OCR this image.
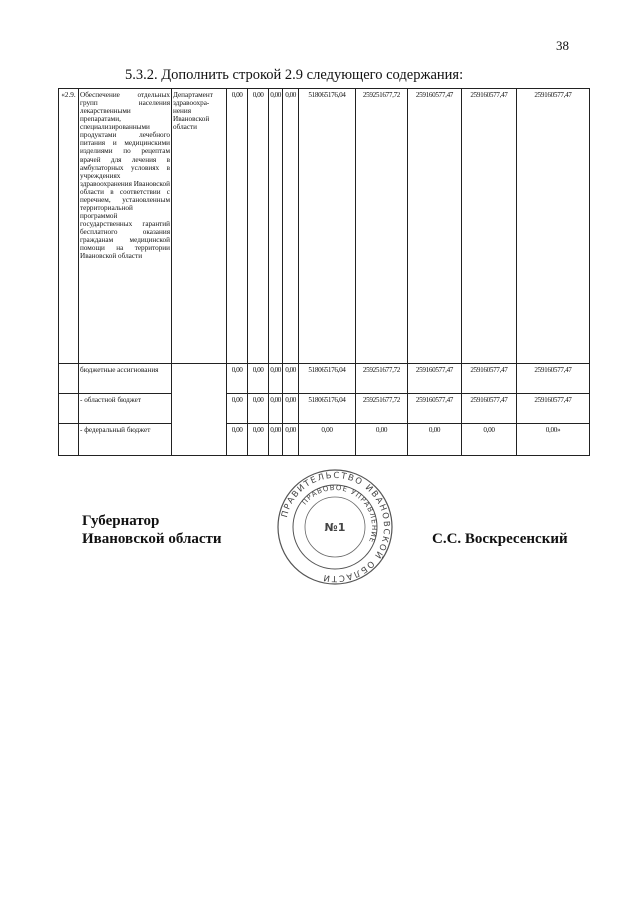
38
5.3.2. Дополнить строкой 2.9 следующего содержания:
«2.9.	Обеспечение отдельных групп населения лекарственными препаратами, специализированными продуктами лечебного питания и медицинскими изделиями по рецептам врачей для лечения в амбулаторных условиях в учреждениях здравоохранения Ивановской области в соответствии с перечнем, установленным территориальной программой государственных гарантий бесплатного оказания гражданам медицинской помощи на территории Ивановской области	Департамент здравоохра-нения Ивановской области	0,00	0,00	0,00	0,00	518065176,04	259251677,72	259160577,47	259160577,47	259160577,47
	бюджетные ассигнования		0,00	0,00	0,00	0,00	518065176,04	259251677,72	259160577,47	259160577,47	259160577,47
	- областной бюджет		0,00	0,00	0,00	0,00	518065176,04	259251677,72	259160577,47	259160577,47	259160577,47
	- федеральный бюджет		0,00	0,00	0,00	0,00	0,00	0,00	0,00	0,00	0,00»
Губернатор
Ивановской области
ПРАВИТЕЛЬСТВО ИВАНОВСКОЙ ОБЛАСТИ
ПРАВОВОЕ УПРАВЛЕНИЕ
№1
С.С. Воскресенский
